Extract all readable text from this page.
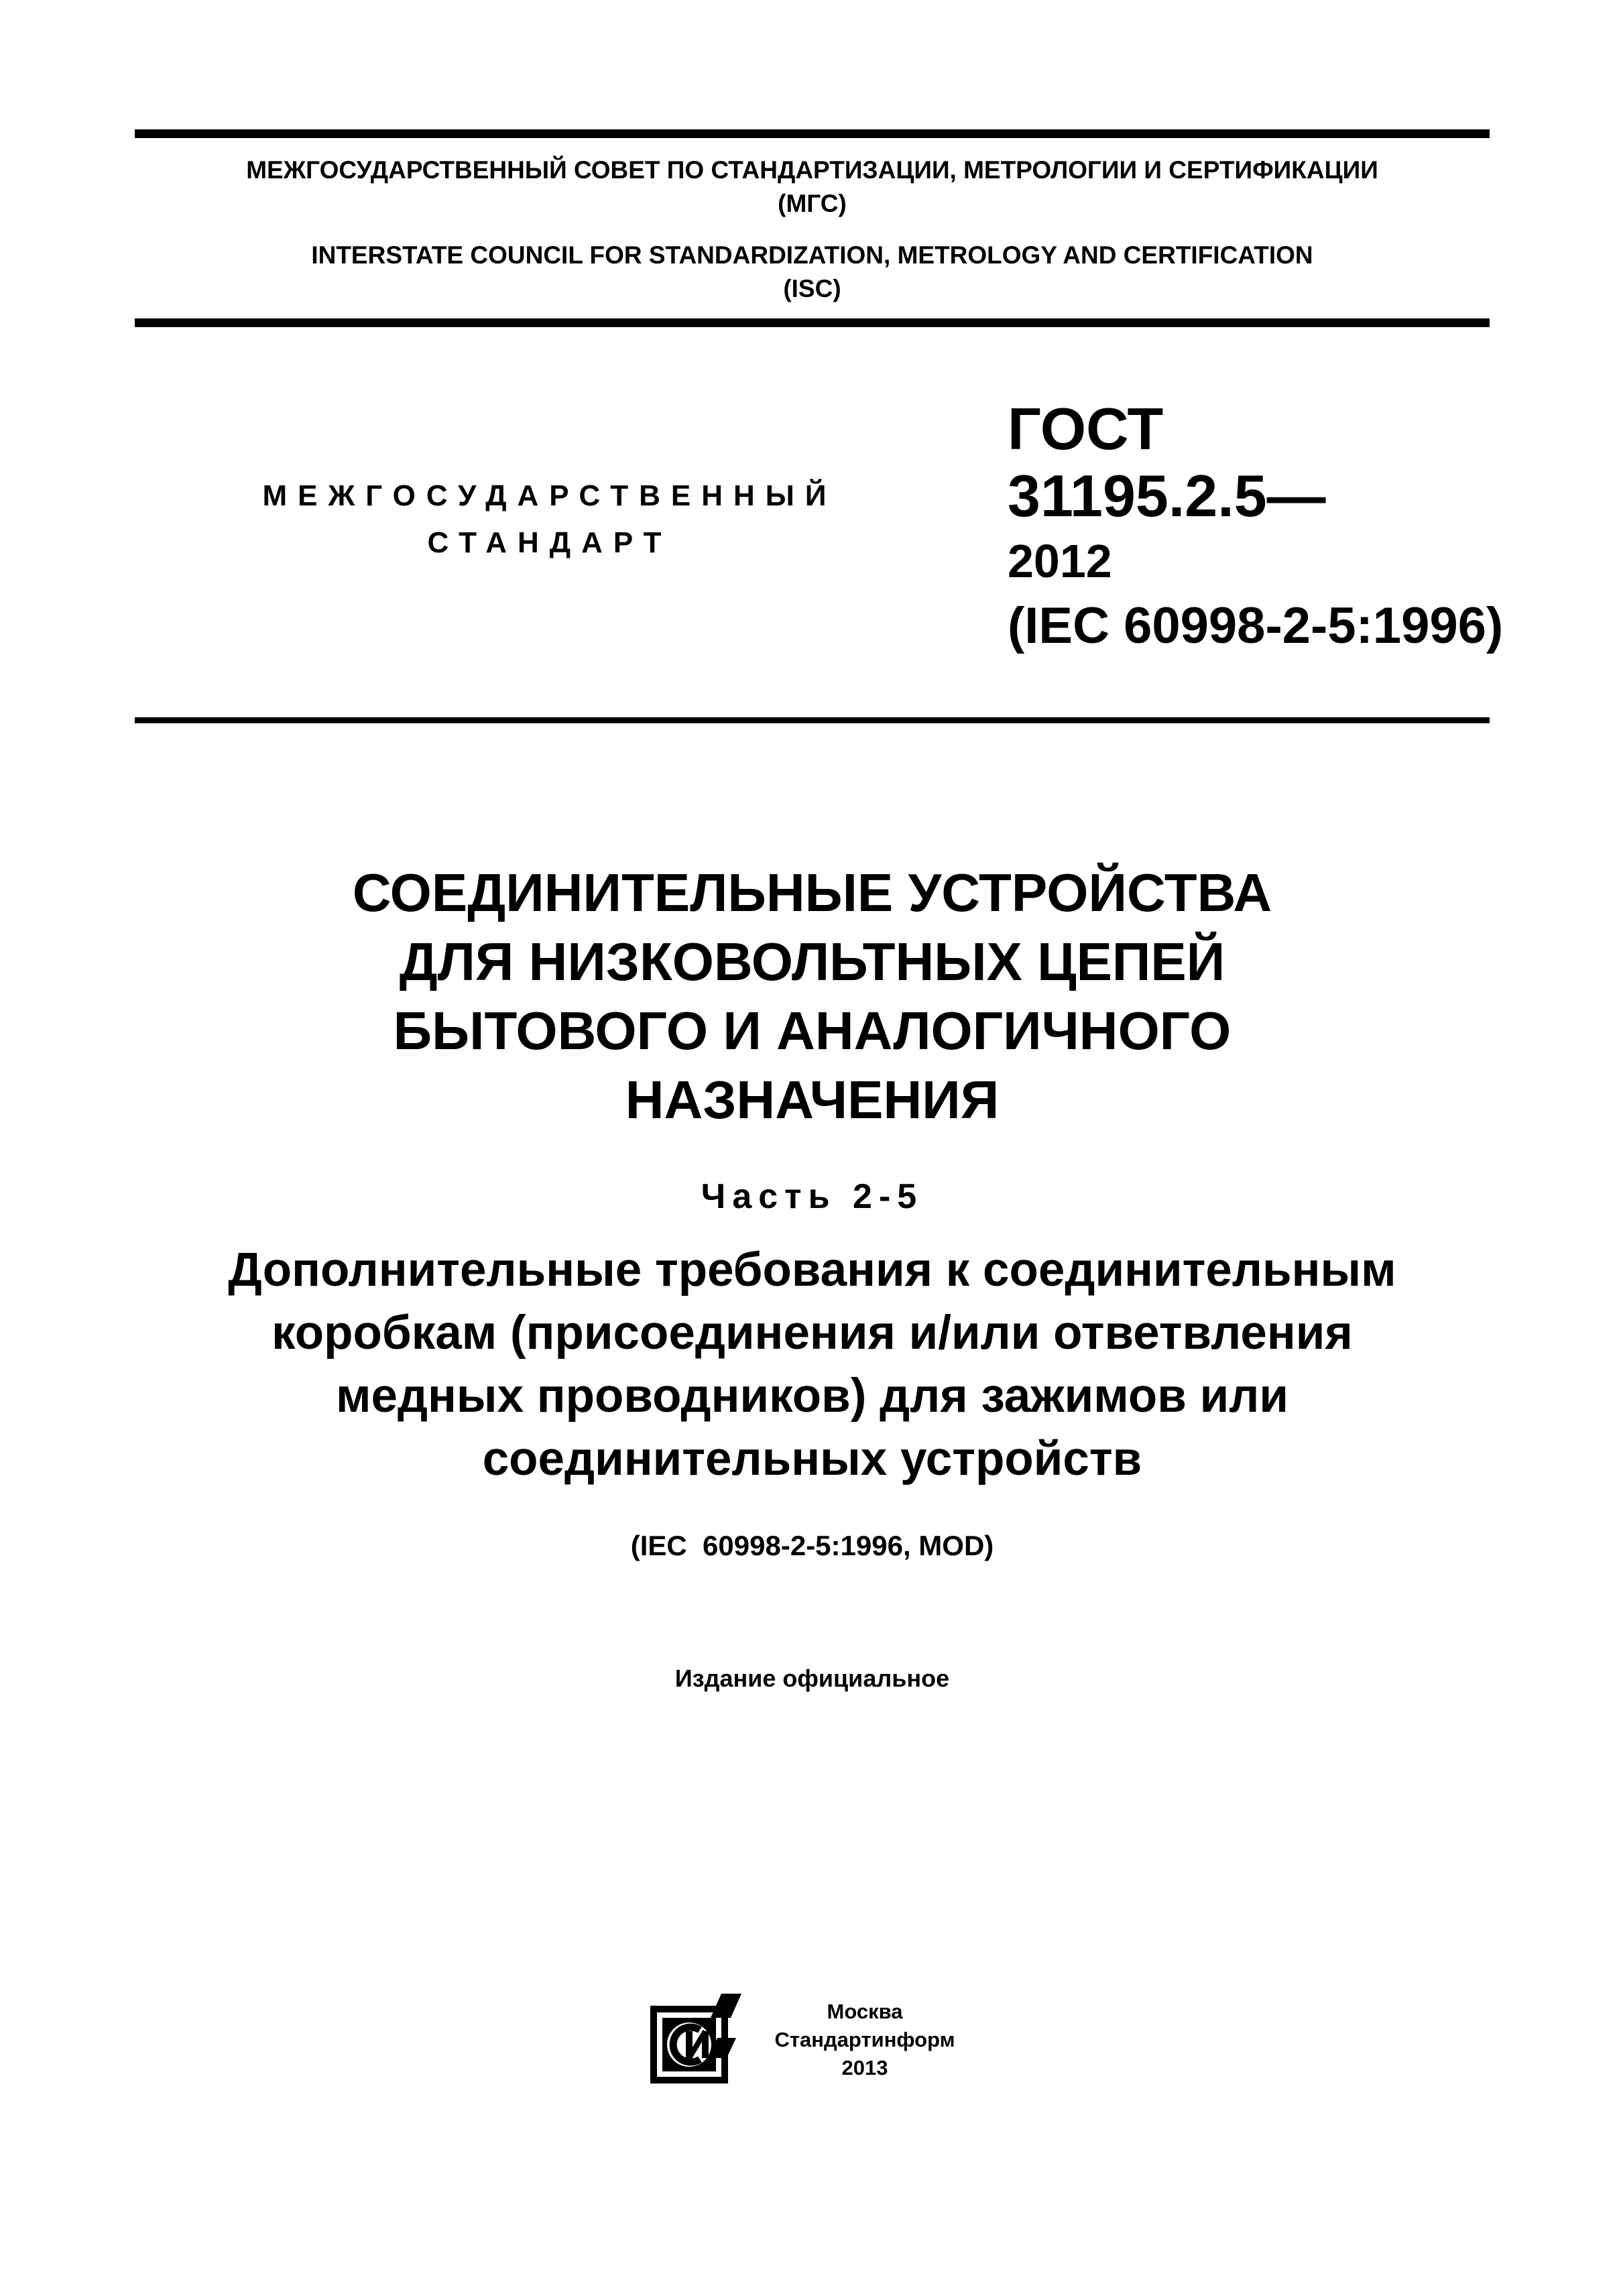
МЕЖГОСУДАРСТВЕННЫЙ СОВЕТ ПО СТАНДАРТИЗАЦИИ, МЕТРОЛОГИИ И СЕРТИФИКАЦИИ
(МГС)
INTERSTATE COUNCIL FOR STANDARDIZATION, METROLOGY AND CERTIFICATION
(ISC)
МЕЖГОСУДАРСТВЕННЫЙ
СТАНДАРТ
ГОСТ
31195.2.5—
2012
(IEC 60998-2-5:1996)
СОЕДИНИТЕЛЬНЫЕ УСТРОЙСТВА
ДЛЯ НИЗКОВОЛЬТНЫХ ЦЕПЕЙ
БЫТОВОГО И АНАЛОГИЧНОГО
НАЗНАЧЕНИЯ
Часть 2-5
Дополнительные требования к соединительным
коробкам (присоединения и/или ответвления
медных проводников) для зажимов или
соединительных устройств
(IEC  60998-2-5:1996, MOD)
Издание официальное
Москва
Стандартинформ
2013
